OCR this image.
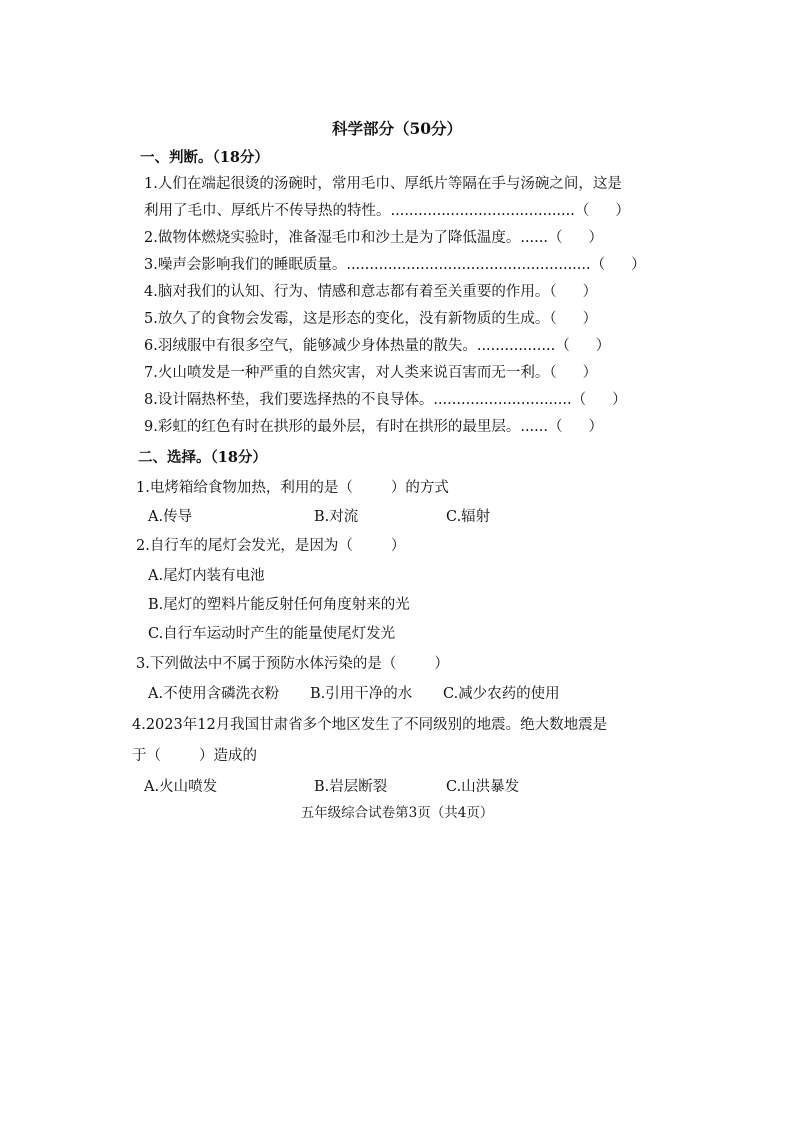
科学部分（50分）
一、判断。（18分）
1.人们在端起很烫的汤碗时，常用毛巾、厚纸片等隔在手与汤碗之间，这是
利用了毛巾、厚纸片不传导热的特性。........................................（ ）
2.做物体燃烧实验时，准备湿毛巾和沙土是为了降低温度。......（ ）
3.噪声会影响我们的睡眠质量。.....................................................（ ）
4.脑对我们的认知、行为、情感和意志都有着至关重要的作用。（ ）
5.放久了的食物会发霉，这是形态的变化，没有新物质的生成。（ ）
6.羽绒服中有很多空气，能够减少身体热量的散失。.................（ ）
7.火山喷发是一种严重的自然灾害，对人类来说百害而无一利。（ ）
8.设计隔热杯垫，我们要选择热的不良导体。..............................（ ）
9.彩虹的红色有时在拱形的最外层，有时在拱形的最里层。......（ ）
二、选择。（18分）
1.电烤箱给食物加热，利用的是（	）的方式
A.传导	B.对流	C.辐射
2.自行车的尾灯会发光，是因为（	）
A.尾灯内装有电池
B.尾灯的塑料片能反射任何角度射来的光
C.自行车运动时产生的能量使尾灯发光
3.下列做法中不属于预防水体污染的是（	）
A.不使用含磷洗衣粉 B.引用干净的水 C.减少农药的使用
4.2023年12月我国甘肃省多个地区发生了不同级别的地震。绝大数地震是
于（	）造成的
A.火山喷发	B.岩层断裂	C.山洪暴发
五年级综合试卷第3页（共4页）
